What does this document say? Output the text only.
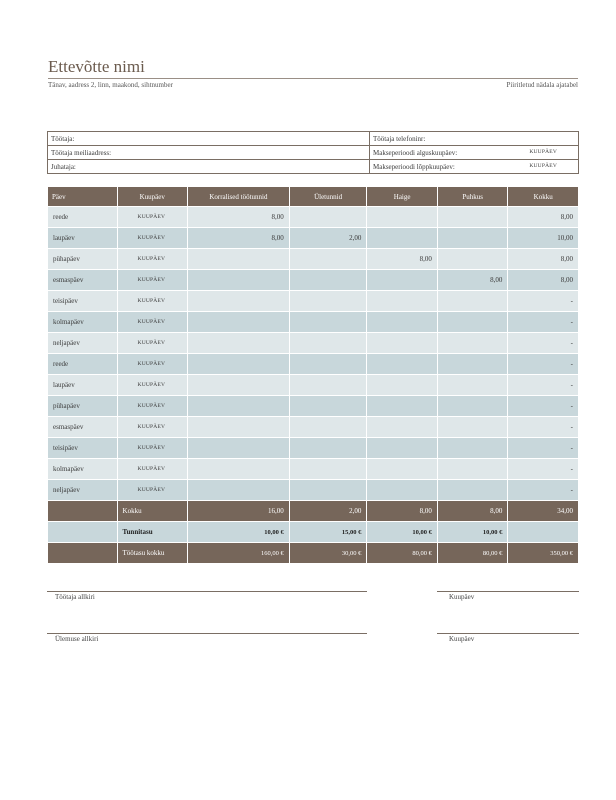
Ettevõtte nimi
Tänav, aadress 2, linn, maakond, sihtnumber	Piiritletud nädala ajatabel
Töötaja:	Töötaja telefoninr:
Töötaja meiliaadress:	Makseperioodi alguskuupäev: KUUPÄEV

Juhataja:	Makseperioodi lõppkuupäev: KUUPÄEV
Päev	Kuupäev	Korralised töötunnid	Ületunnid	Haige	Puhkus	Kokku
reede	KUUPÄEV	8,00				8,00
laupäev	KUUPÄEV	8,00	2,00			10,00
pühapäev	KUUPÄEV			8,00		8,00
esmaspäev	KUUPÄEV				8,00	8,00
teisipäev	KUUPÄEV					-
kolmapäev	KUUPÄEV					-
neljapäev	KUUPÄEV					-
reede	KUUPÄEV					-
laupäev	KUUPÄEV					-
pühapäev	KUUPÄEV					-
esmaspäev	KUUPÄEV					-
teisipäev	KUUPÄEV					-
kolmapäev	KUUPÄEV					-
neljapäev	KUUPÄEV					-
	Kokku	16,00	2,00	8,00	8,00	34,00
	Tunnitasu	10,00 €	15,00 €	10,00 €	10,00 €	
	Töötasu kokku	160,00 €	30,00 €	80,00 €	80,00 €	350,00 €
Töötaja allkiri	Kuupäev
Ülemuse allkiri	Kuupäev
